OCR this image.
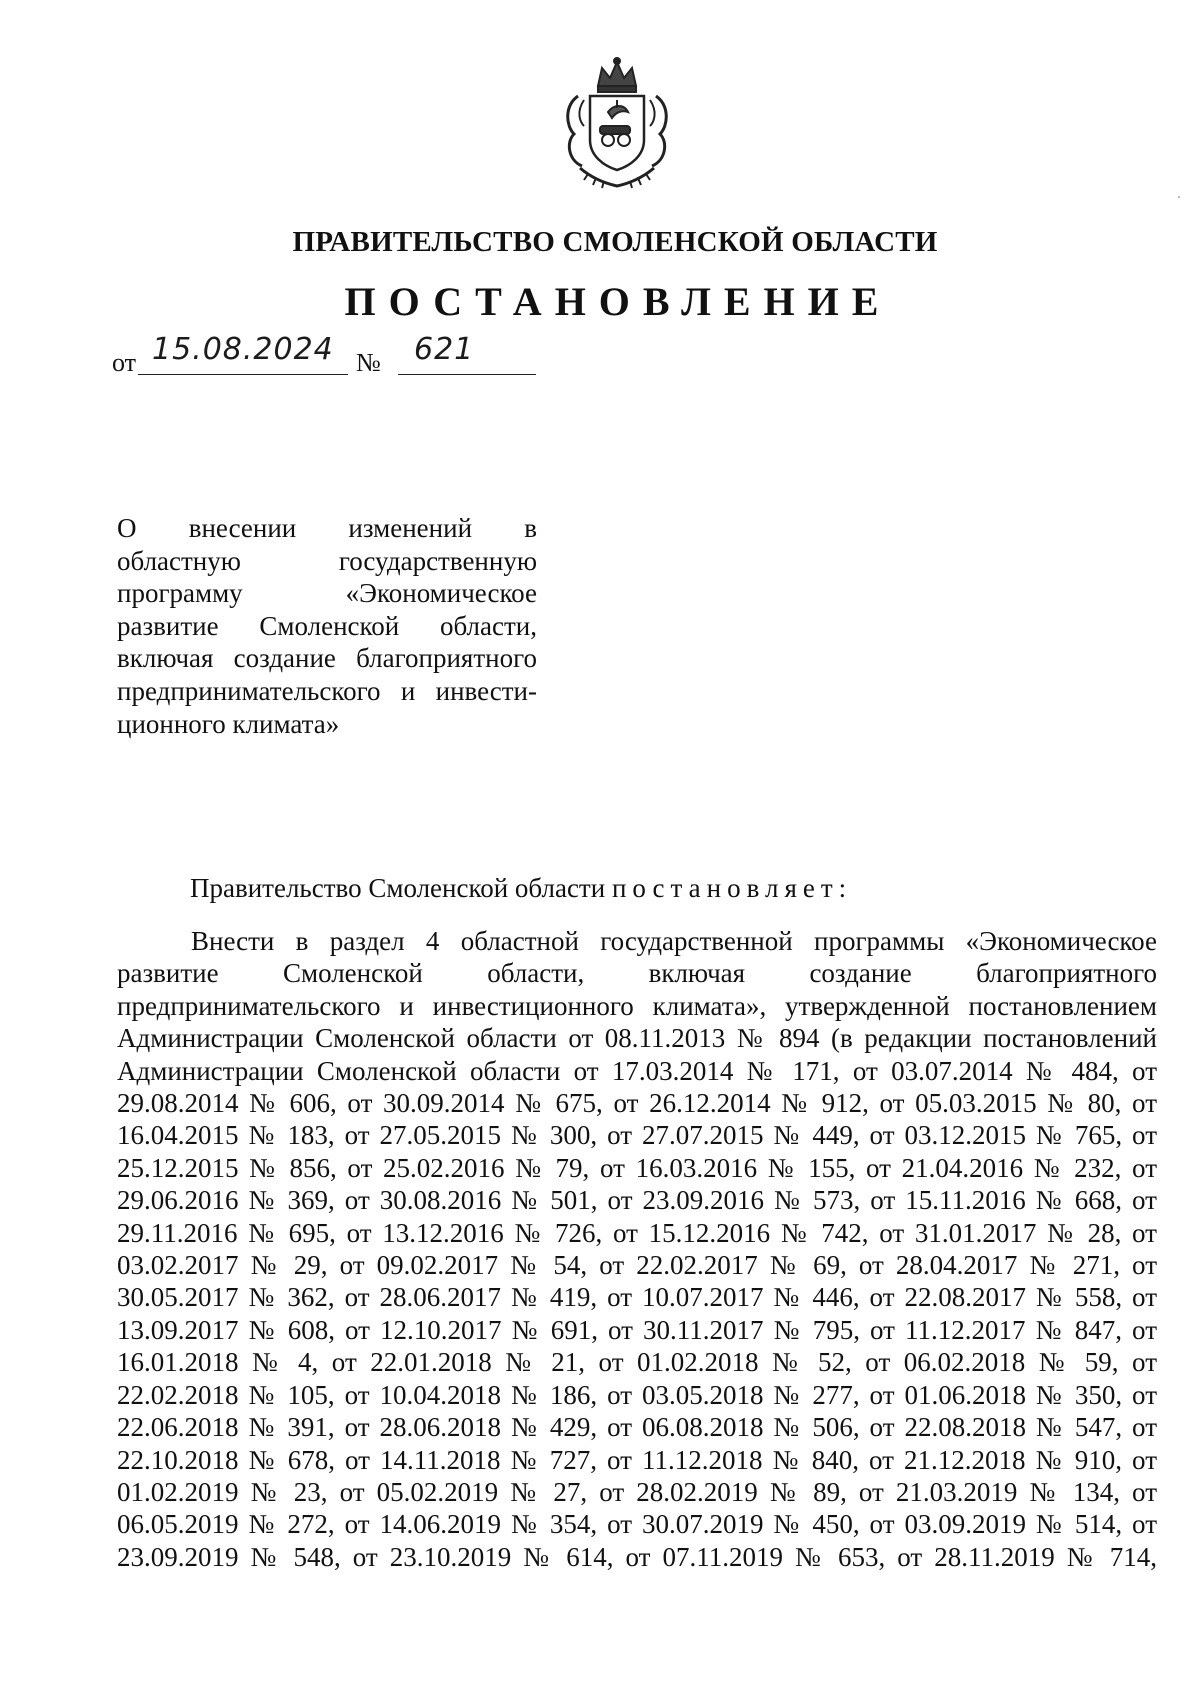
ПРАВИТЕЛЬСТВО СМОЛЕНСКОЙ ОБЛАСТИ
ПОСТАНОВЛЕНИЕ
от 15.08.2024 № 621
О внесении изменений в
областную государственную
программу «Экономическое
развитие Смоленской области,
включая создание благоприятного
предпринимательского и инвести-
ционного климата»
Правительство Смоленской области постановляет:
Внести в раздел 4 областной государственной программы «Экономическое
развитие Смоленской области, включая создание благоприятного
предпринимательского и инвестиционного климата», утвержденной постановлением
Администрации Смоленской области от 08.11.2013 № 894 (в редакции постановлений
Администрации Смоленской области от 17.03.2014 № 171, от 03.07.2014 № 484, от
29.08.2014 № 606, от 30.09.2014 № 675, от 26.12.2014 № 912, от 05.03.2015 № 80, от
16.04.2015 № 183, от 27.05.2015 № 300, от 27.07.2015 № 449, от 03.12.2015 № 765, от
25.12.2015 № 856, от 25.02.2016 № 79, от 16.03.2016 № 155, от 21.04.2016 № 232, от
29.06.2016 № 369, от 30.08.2016 № 501, от 23.09.2016 № 573, от 15.11.2016 № 668, от
29.11.2016 № 695, от 13.12.2016 № 726, от 15.12.2016 № 742, от 31.01.2017 № 28, от
03.02.2017 № 29, от 09.02.2017 № 54, от 22.02.2017 № 69, от 28.04.2017 № 271, от
30.05.2017 № 362, от 28.06.2017 № 419, от 10.07.2017 № 446, от 22.08.2017 № 558, от
13.09.2017 № 608, от 12.10.2017 № 691, от 30.11.2017 № 795, от 11.12.2017 № 847, от
16.01.2018 № 4, от 22.01.2018 № 21, от 01.02.2018 № 52, от 06.02.2018 № 59, от
22.02.2018 № 105, от 10.04.2018 № 186, от 03.05.2018 № 277, от 01.06.2018 № 350, от
22.06.2018 № 391, от 28.06.2018 № 429, от 06.08.2018 № 506, от 22.08.2018 № 547, от
22.10.2018 № 678, от 14.11.2018 № 727, от 11.12.2018 № 840, от 21.12.2018 № 910, от
01.02.2019 № 23, от 05.02.2019 № 27, от 28.02.2019 № 89, от 21.03.2019 № 134, от
06.05.2019 № 272, от 14.06.2019 № 354, от 30.07.2019 № 450, от 03.09.2019 № 514, от
23.09.2019 № 548, от 23.10.2019 № 614, от 07.11.2019 № 653, от 28.11.2019 № 714,
